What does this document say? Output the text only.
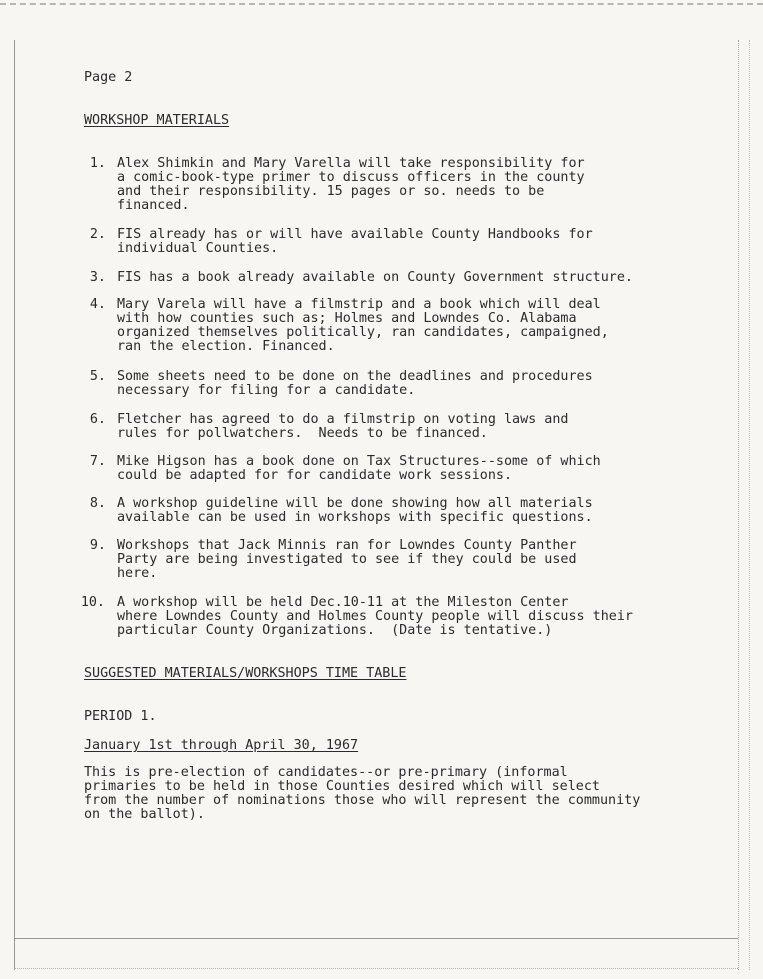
Page 2
WORKSHOP MATERIALS
1. Alex Shimkin and Mary Varella will take responsibility for
a comic-book-type primer to discuss officers in the county
and their responsibility. 15 pages or so. needs to be
financed.
2. FIS already has or will have available County Handbooks for
individual Counties.
3. FIS has a book already available on County Government structure.
4. Mary Varela will have a filmstrip and a book which will deal
with how counties such as; Holmes and Lowndes Co. Alabama
organized themselves politically, ran candidates, campaigned,
ran the election. Financed.
5. Some sheets need to be done on the deadlines and procedures
necessary for filing for a candidate.
6. Fletcher has agreed to do a filmstrip on voting laws and
rules for pollwatchers.  Needs to be financed.
7. Mike Higson has a book done on Tax Structures--some of which
could be adapted for for candidate work sessions.
8. A workshop guideline will be done showing how all materials
available can be used in workshops with specific questions.
9. Workshops that Jack Minnis ran for Lowndes County Panther
Party are being investigated to see if they could be used
here.
10. A workshop will be held Dec.10-11 at the Mileston Center
where Lowndes County and Holmes County people will discuss their
particular County Organizations.  (Date is tentative.)
SUGGESTED MATERIALS/WORKSHOPS TIME TABLE
PERIOD 1.
January 1st through April 30, 1967
This is pre-election of candidates--or pre-primary (informal
primaries to be held in those Counties desired which will select
from the number of nominations those who will represent the community
on the ballot).
